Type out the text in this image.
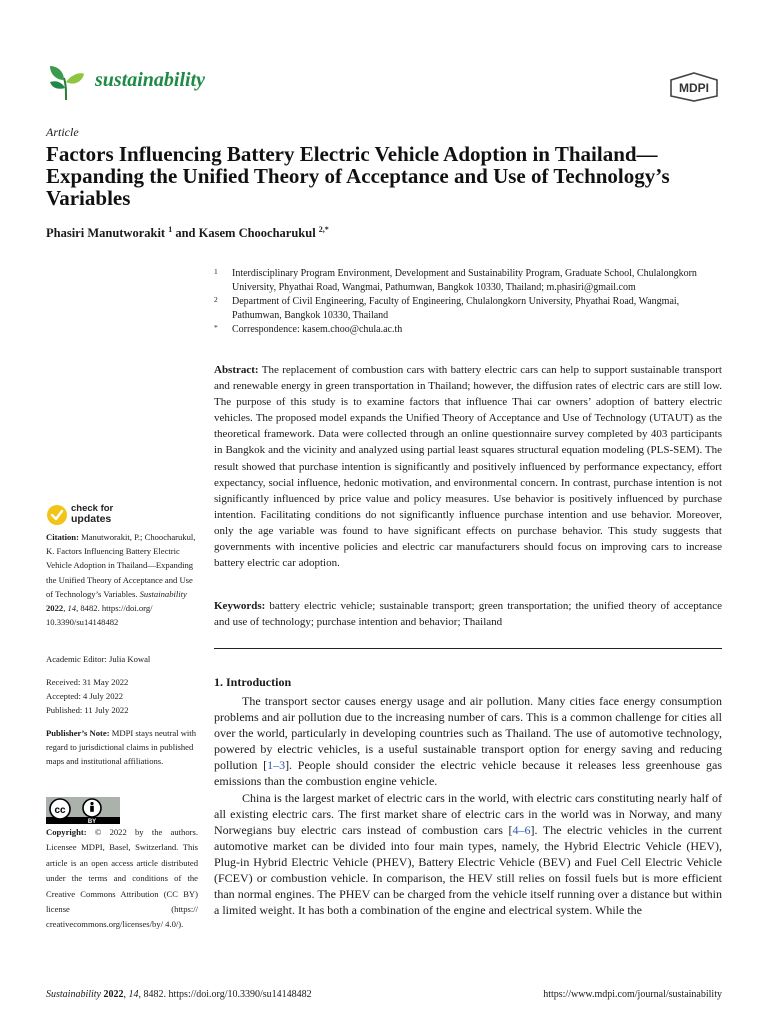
sustainability	MDPI
Article
Factors Influencing Battery Electric Vehicle Adoption in Thailand—Expanding the Unified Theory of Acceptance and Use of Technology’s Variables
Phasiri Manutworakit $^1$ and Kasem Choocharukul $^{2,*}$
1 Interdisciplinary Program Environment, Development and Sustainability Program, Graduate School, Chulalongkorn University, Phyathai Road, Wangmai, Pathumwan, Bangkok 10330, Thailand; m.phasiri@gmail.com
2 Department of Civil Engineering, Faculty of Engineering, Chulalongkorn University, Phyathai Road, Wangmai, Pathumwan, Bangkok 10330, Thailand
* Correspondence: kasem.choo@chula.ac.th
Abstract: The replacement of combustion cars with battery electric cars can help to support sustainable transport and renewable energy in green transportation in Thailand; however, the diffusion rates of electric cars are still low. The purpose of this study is to examine factors that influence Thai car owners’ adoption of battery electric vehicles. The proposed model expands the Unified Theory of Acceptance and Use of Technology (UTAUT) as the theoretical framework. Data were collected through an online questionnaire survey completed by 403 participants in Bangkok and the vicinity and analyzed using partial least squares structural equation modeling (PLS-SEM). The result showed that purchase intention is significantly and positively influenced by performance expectancy, effort expectancy, social influence, hedonic motivation, and environmental concern. In contrast, purchase intention is not significantly influenced by price value and policy measures. Use behavior is positively influenced by purchase intention. Facilitating conditions do not significantly influence purchase intention and use behavior. Moreover, only the age variable was found to have significant effects on purchase behavior. This study suggests that governments with incentive policies and electric car manufacturers should focus on improving cars to increase battery electric car adoption.
Keywords: battery electric vehicle; sustainable transport; green transportation; the unified theory of acceptance and use of technology; purchase intention and behavior; Thailand
1. Introduction

The transport sector causes energy usage and air pollution. Many cities face energy consumption problems and air pollution due to the increasing number of cars. This is a common challenge for cities all over the world, particularly in developing countries such as Thailand. The use of automotive technology, powered by electric vehicles, is a useful sustainable transport option for energy saving and reducing pollution [1–3]. People should consider the electric vehicle because it releases less greenhouse gas emissions than the combustion engine vehicle.

China is the largest market of electric cars in the world, with electric cars constituting nearly half of all existing electric cars. The first market share of electric cars in the world was in Norway, and many Norwegians buy electric cars instead of combustion cars [4–6]. The electric vehicles in the current automotive market can be divided into four main types, namely, the Hybrid Electric Vehicle (HEV), Plug-in Hybrid Electric Vehicle (PHEV), Battery Electric Vehicle (BEV) and Fuel Cell Electric Vehicle (FCEV) or combustion vehicle. In comparison, the HEV still relies on fossil fuels but is more efficient than normal engines. The PHEV can be charged from the vehicle itself running over a distance but within a limited weight. It has both a combination of the engine and electrical system. While the

check for
updates
Citation: Manutworakit, P.; Choocharukul, K. Factors Influencing Battery Electric Vehicle Adoption in Thailand—Expanding the Unified Theory of Acceptance and Use of Technology’s Variables. Sustainability 2022, 14, 8482. https://doi.org/ 10.3390/su14148482
Academic Editor: Julia Kowal
Received: 31 May 2022
Accepted: 4 July 2022
Published: 11 July 2022
Publisher’s Note: MDPI stays neutral with regard to jurisdictional claims in published maps and institutional affiliations.
cc
BY
Copyright: © 2022 by the authors. Licensee MDPI, Basel, Switzerland. This article is an open access article distributed under the terms and conditions of the Creative Commons Attribution (CC BY) license (https:// creativecommons.org/licenses/by/ 4.0/).
Sustainability 2022, 14, 8482. https://doi.org/10.3390/su14148482	https://www.mdpi.com/journal/sustainability
